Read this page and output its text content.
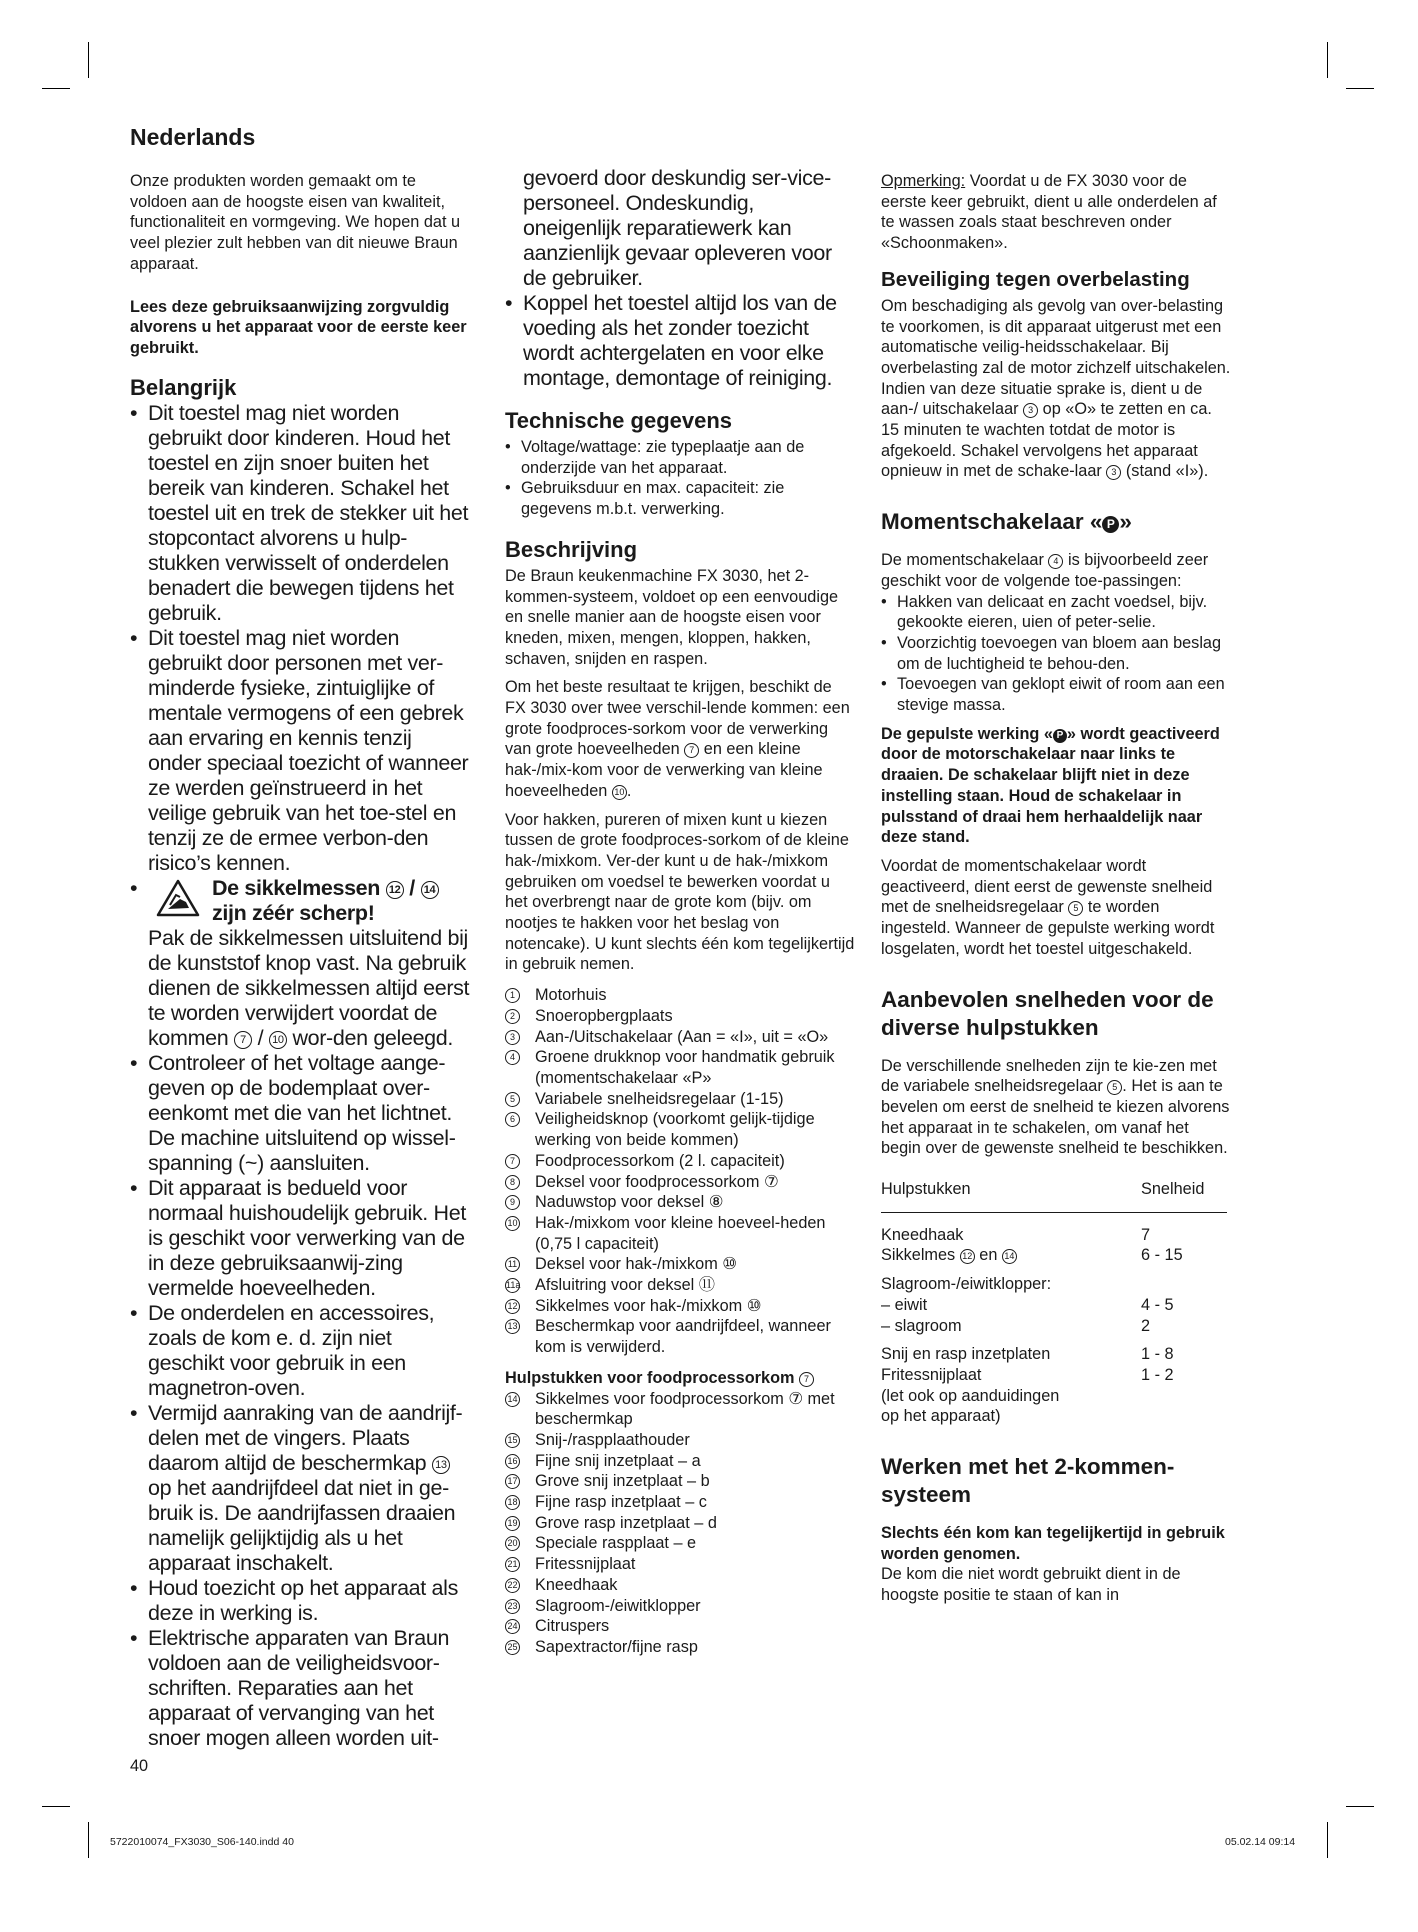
Nederlands

Onze produkten worden gemaakt om te voldoen aan de hoogste eisen van kwaliteit, functionaliteit en vormgeving. We hopen dat u veel plezier zult hebben van dit nieuwe Braun apparaat.

Lees deze gebruiksaanwijzing zorgvuldig alvorens u het apparaat voor de eerste keer gebruikt.

Belangrijk
• Dit toestel mag niet worden gebruikt door kinderen. Houd het toestel en zijn snoer buiten het bereik van kinderen. Schakel het toestel uit en trek de stekker uit het stopcontact alvorens u hulp-stukken verwisselt of onderdelen benadert die bewegen tijdens het gebruik.
• Dit toestel mag niet worden gebruikt door personen met ver-minderde fysieke, zintuiglijke of mentale vermogens of een gebrek aan ervaring en kennis tenzij onder speciaal toezicht of wanneer ze werden geïnstrueerd in het veilige gebruik van het toe-stel en tenzij ze de ermee verbon-den risico’s kennen.
• De sikkelmessen 12 / 14
zijn zéér scherp!
Pak de sikkelmessen uitsluitend bij de kunststof knop vast. Na gebruik dienen de sikkelmessen altijd eerst te worden verwijdert voordat de kommen 7 / 10 wor-den geleegd.
• Controleer of het voltage aange-geven op de bodemplaat over-eenkomt met die van het lichtnet. De machine uitsluitend op wissel-spanning (~) aansluiten.
• Dit apparaat is bedueld voor normaal huishoudelijk gebruik. Het is geschikt voor verwerking van de in deze gebruiksaanwij-zing vermelde hoeveelheden.
• De onderdelen en accessoires, zoals de kom e. d. zijn niet geschikt voor gebruik in een magnetron-oven.
• Vermijd aanraking van de aandrijf-delen met de vingers. Plaats daarom altijd de beschermkap 13 op het aandrijfdeel dat niet in ge-bruik is. De aandrijfassen draaien namelijk gelijktijdig als u het apparaat inschakelt.
• Houd toezicht op het apparaat als deze in werking is.
• Elektrische apparaten van Braun voldoen aan de veiligheidsvoor-schriften. Reparaties aan het apparaat of vervanging van het snoer mogen alleen worden uit-

gevoerd door deskundig ser-vice-personeel. Ondeskundig, oneigenlijk reparatiewerk kan aanzienlijk gevaar opleveren voor de gebruiker.

• Koppel het toestel altijd los van de voeding als het zonder toezicht wordt achtergelaten en voor elke montage, demontage of reiniging.
Technische gegevens
• Voltage/wattage: zie typeplaatje aan de onderzijde van het apparaat.
• Gebruiksduur en max. capaciteit: zie gegevens m.b.t. verwerking.
Beschrijving

De Braun keukenmachine FX 3030, het 2-kommen-systeem, voldoet op een eenvoudige en snelle manier aan de hoogste eisen voor kneden, mixen, mengen, kloppen, hakken, schaven, snijden en raspen.

Om het beste resultaat te krijgen, beschikt de FX 3030 over twee verschil-lende kommen: een grote foodproces-sorkom voor de verwerking van grote hoeveelheden 7 en een kleine hak-/mix-kom voor de verwerking van kleine hoeveelheden 10 .

Voor hakken, pureren of mixen kunt u kiezen tussen de grote foodproces-sorkom of de kleine hak-/mixkom. Ver-der kunt u de hak-/mixkom gebruiken om voedsel te bewerken voordat u het overbrengt naar de grote kom (bijv. om nootjes te hakken voor het beslag von notencake). U kunt slechts één kom tegelijkertijd in gebruik nemen.

1	Motorhuis
2	Snoeropbergplaats
3	Aan-/Uitschakelaar (Aan = «I», uit = «O»
4	Groene drukknop voor handmatik gebruik (momentschakelaar «P»
5	Variabele snelheidsregelaar (1-15)
6	Veiligheidsknop (voorkomt gelijk-tijdige werking von beide kommen)
7	Foodprocessorkom (2 l. capaciteit)
8	Deksel voor foodprocessorkom ⑦
9	Naduwstop voor deksel ⑧
10 Hak-/mixkom voor kleine hoeveel-heden (0,75 l capaciteit)
11 Deksel voor hak-/mixkom ⑩
11a Afsluitring voor deksel ⑪
12 Sikkelmes voor hak-/mixkom ⑩
13 Beschermkap voor aandrijfdeel, wanneer kom is verwijderd.

Hulpstukken voor foodprocessorkom 7

14 Sikkelmes voor foodprocessorkom ⑦ met beschermkap
15 Snij-/raspplaathouder
16 Fijne snij inzetplaat – a
17 Grove snij inzetplaat – b
18 Fijne rasp inzetplaat – c
19 Grove rasp inzetplaat – d
20 Speciale raspplaat – e
21 Fritessnijplaat
22 Kneedhaak
23 Slagroom-/eiwitklopper
24 Citruspers
25 Sapextractor/fijne rasp

Opmerking: Voordat u de FX 3030 voor de eerste keer gebruikt, dient u alle onderdelen af te wassen zoals staat beschreven onder «Schoonmaken».

Beveiliging tegen overbelasting

Om beschadiging als gevolg van over-belasting te voorkomen, is dit apparaat uitgerust met een automatische veilig-heidsschakelaar. Bij overbelasting zal de motor zichzelf uitschakelen. Indien van deze situatie sprake is, dient u de aan-/ uitschakelaar 3 op «O» te zetten en ca. 15 minuten te wachten totdat de motor is afgekoeld. Schakel vervolgens het apparaat opnieuw in met de schake-laar 3 (stand «I»).

Momentschakelaar « P »

De momentschakelaar 4 is bijvoorbeeld zeer geschikt voor de volgende toe-passingen:

• Hakken van delicaat en zacht voedsel, bijv. gekookte eieren, uien of peter-selie.
• Voorzichtig toevoegen van bloem aan beslag om de luchtigheid te behou-den.
• Toevoegen van geklopt eiwit of room aan een stevige massa.

De gepulste werking « P » wordt geactiveerd door de motorschakelaar naar links te draaien. De schakelaar blijft niet in deze instelling staan. Houd de schakelaar in pulsstand of draai hem herhaaldelijk naar deze stand.

Voordat de momentschakelaar wordt geactiveerd, dient eerst de gewenste snelheid met de snelheidsregelaar 5 te worden ingesteld. Wanneer de gepulste werking wordt losgelaten, wordt het toestel uitgeschakeld.

Aanbevolen snelheden voor de diverse hulpstukken

De verschillende snelheden zijn te kie-zen met de variabele snelheidsregelaar 5 . Het is aan te bevelen om eerst de snelheid te kiezen alvorens het apparaat in te schakelen, om vanaf het begin over de gewenste snelheid te beschikken.

Hulpstukken	Snelheid
Kneedhaak	7
Sikkelmes 12 en 14	6 - 15
Slagroom-/eiwitklopper:	
– eiwit	4 - 5
– slagroom	2
Snij en rasp inzetplaten	1 - 8
Fritessnijplaat	1 - 2
(let ook op aanduidingen op het apparaat)	
Werken met het 2-kommen-systeem

Slechts één kom kan tegelijkertijd in gebruik worden genomen.

De kom die niet wordt gebruikt dient in de hoogste positie te staan of kan in

40
5722010074_FX3030_S06-140.indd 40	05.02.14 09:14
